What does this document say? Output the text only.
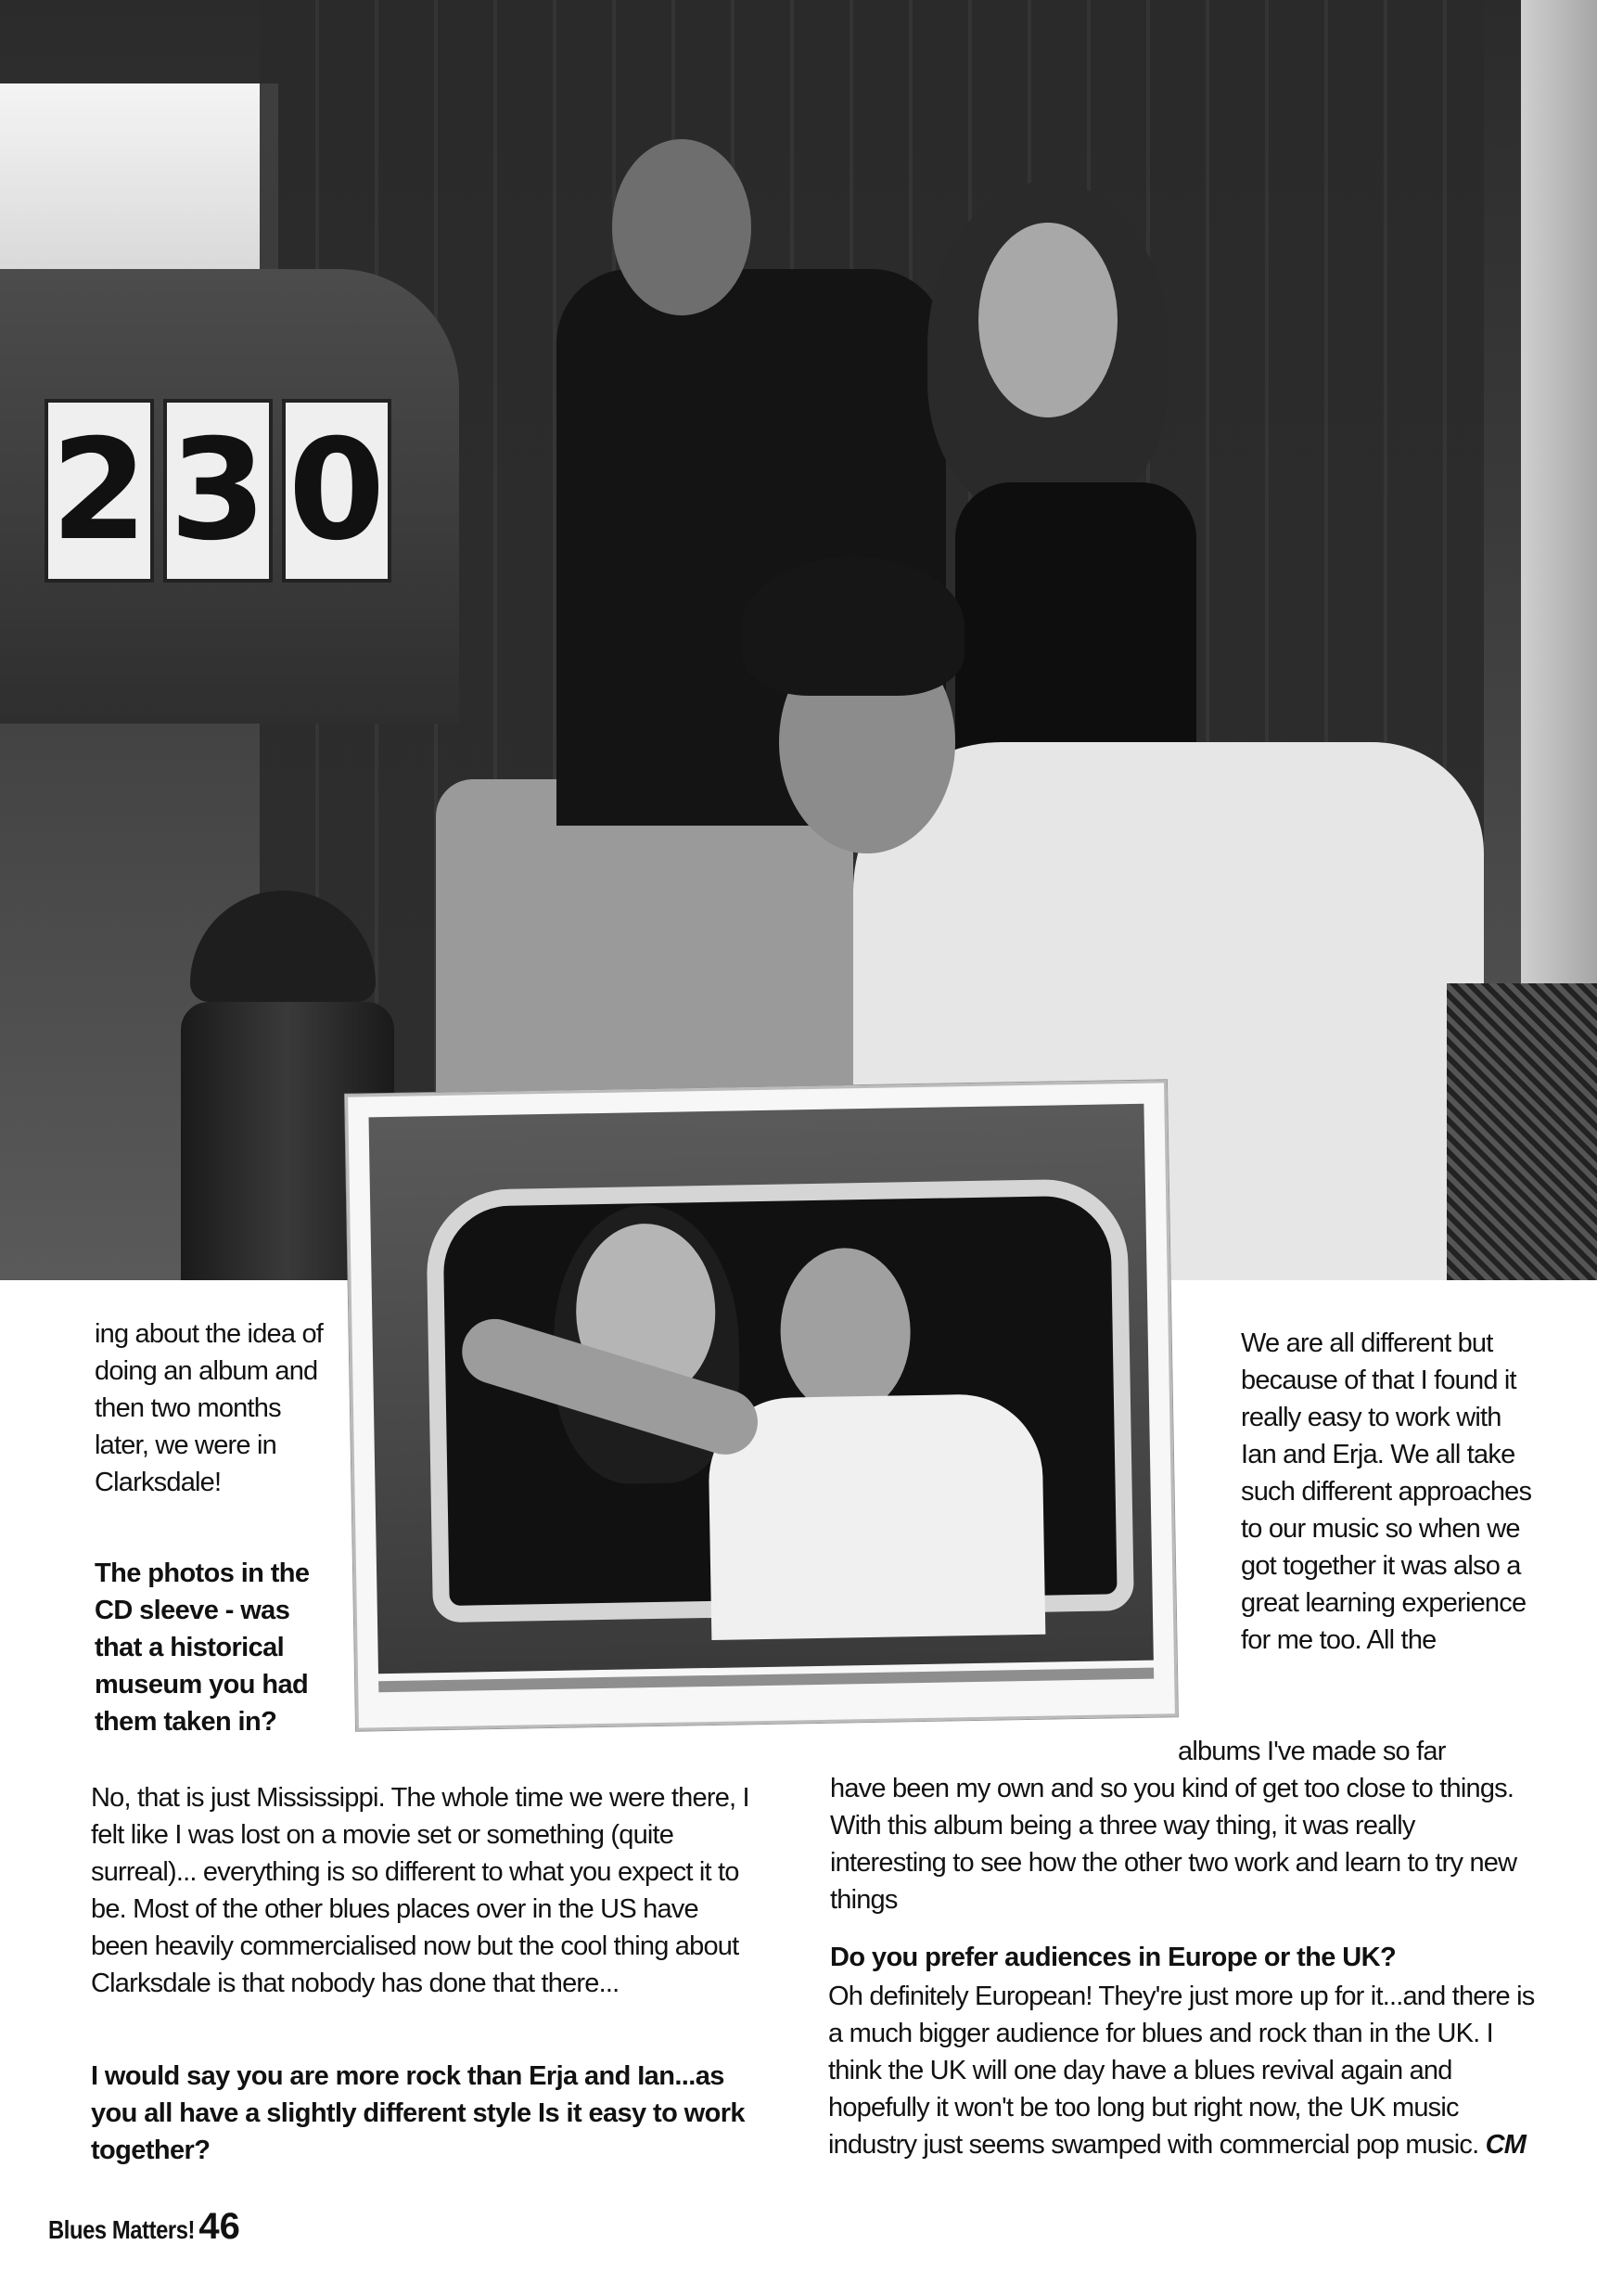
2 3 0

ing about the idea of doing an album and then two months later, we were in Clarksdale!

The photos in the CD sleeve - was that a historical museum you had them taken in?

No, that is just Mississippi. The whole time we were there, I felt like I was lost on a movie set or something (quite surreal)... everything is so different to what you expect it to be. Most of the other blues places over in the US have been heavily commercialised now but the cool thing about Clarksdale is that nobody has done that there...

I would say you are more rock than Erja and Ian...as you all have a slightly different style Is it easy to work together?

We are all different but because of that I found it really easy to work with Ian and Erja. We all take such different approaches to our music so when we got together it was also a great learning experience for me too. All the

albums I've made so far

have been my own and so you kind of get too close to things. With this album being a three way thing, it was really interesting to see how the other two work and learn to try new things

Do you prefer audiences in Europe or the UK?

Oh definitely European! They're just more up for it...and there is a much bigger audience for blues and rock than in the UK. I think the UK will one day have a blues revival again and hopefully it won't be too long but right now, the UK music industry just seems swamped with commercial pop music. CM

Blues Matters! 46
